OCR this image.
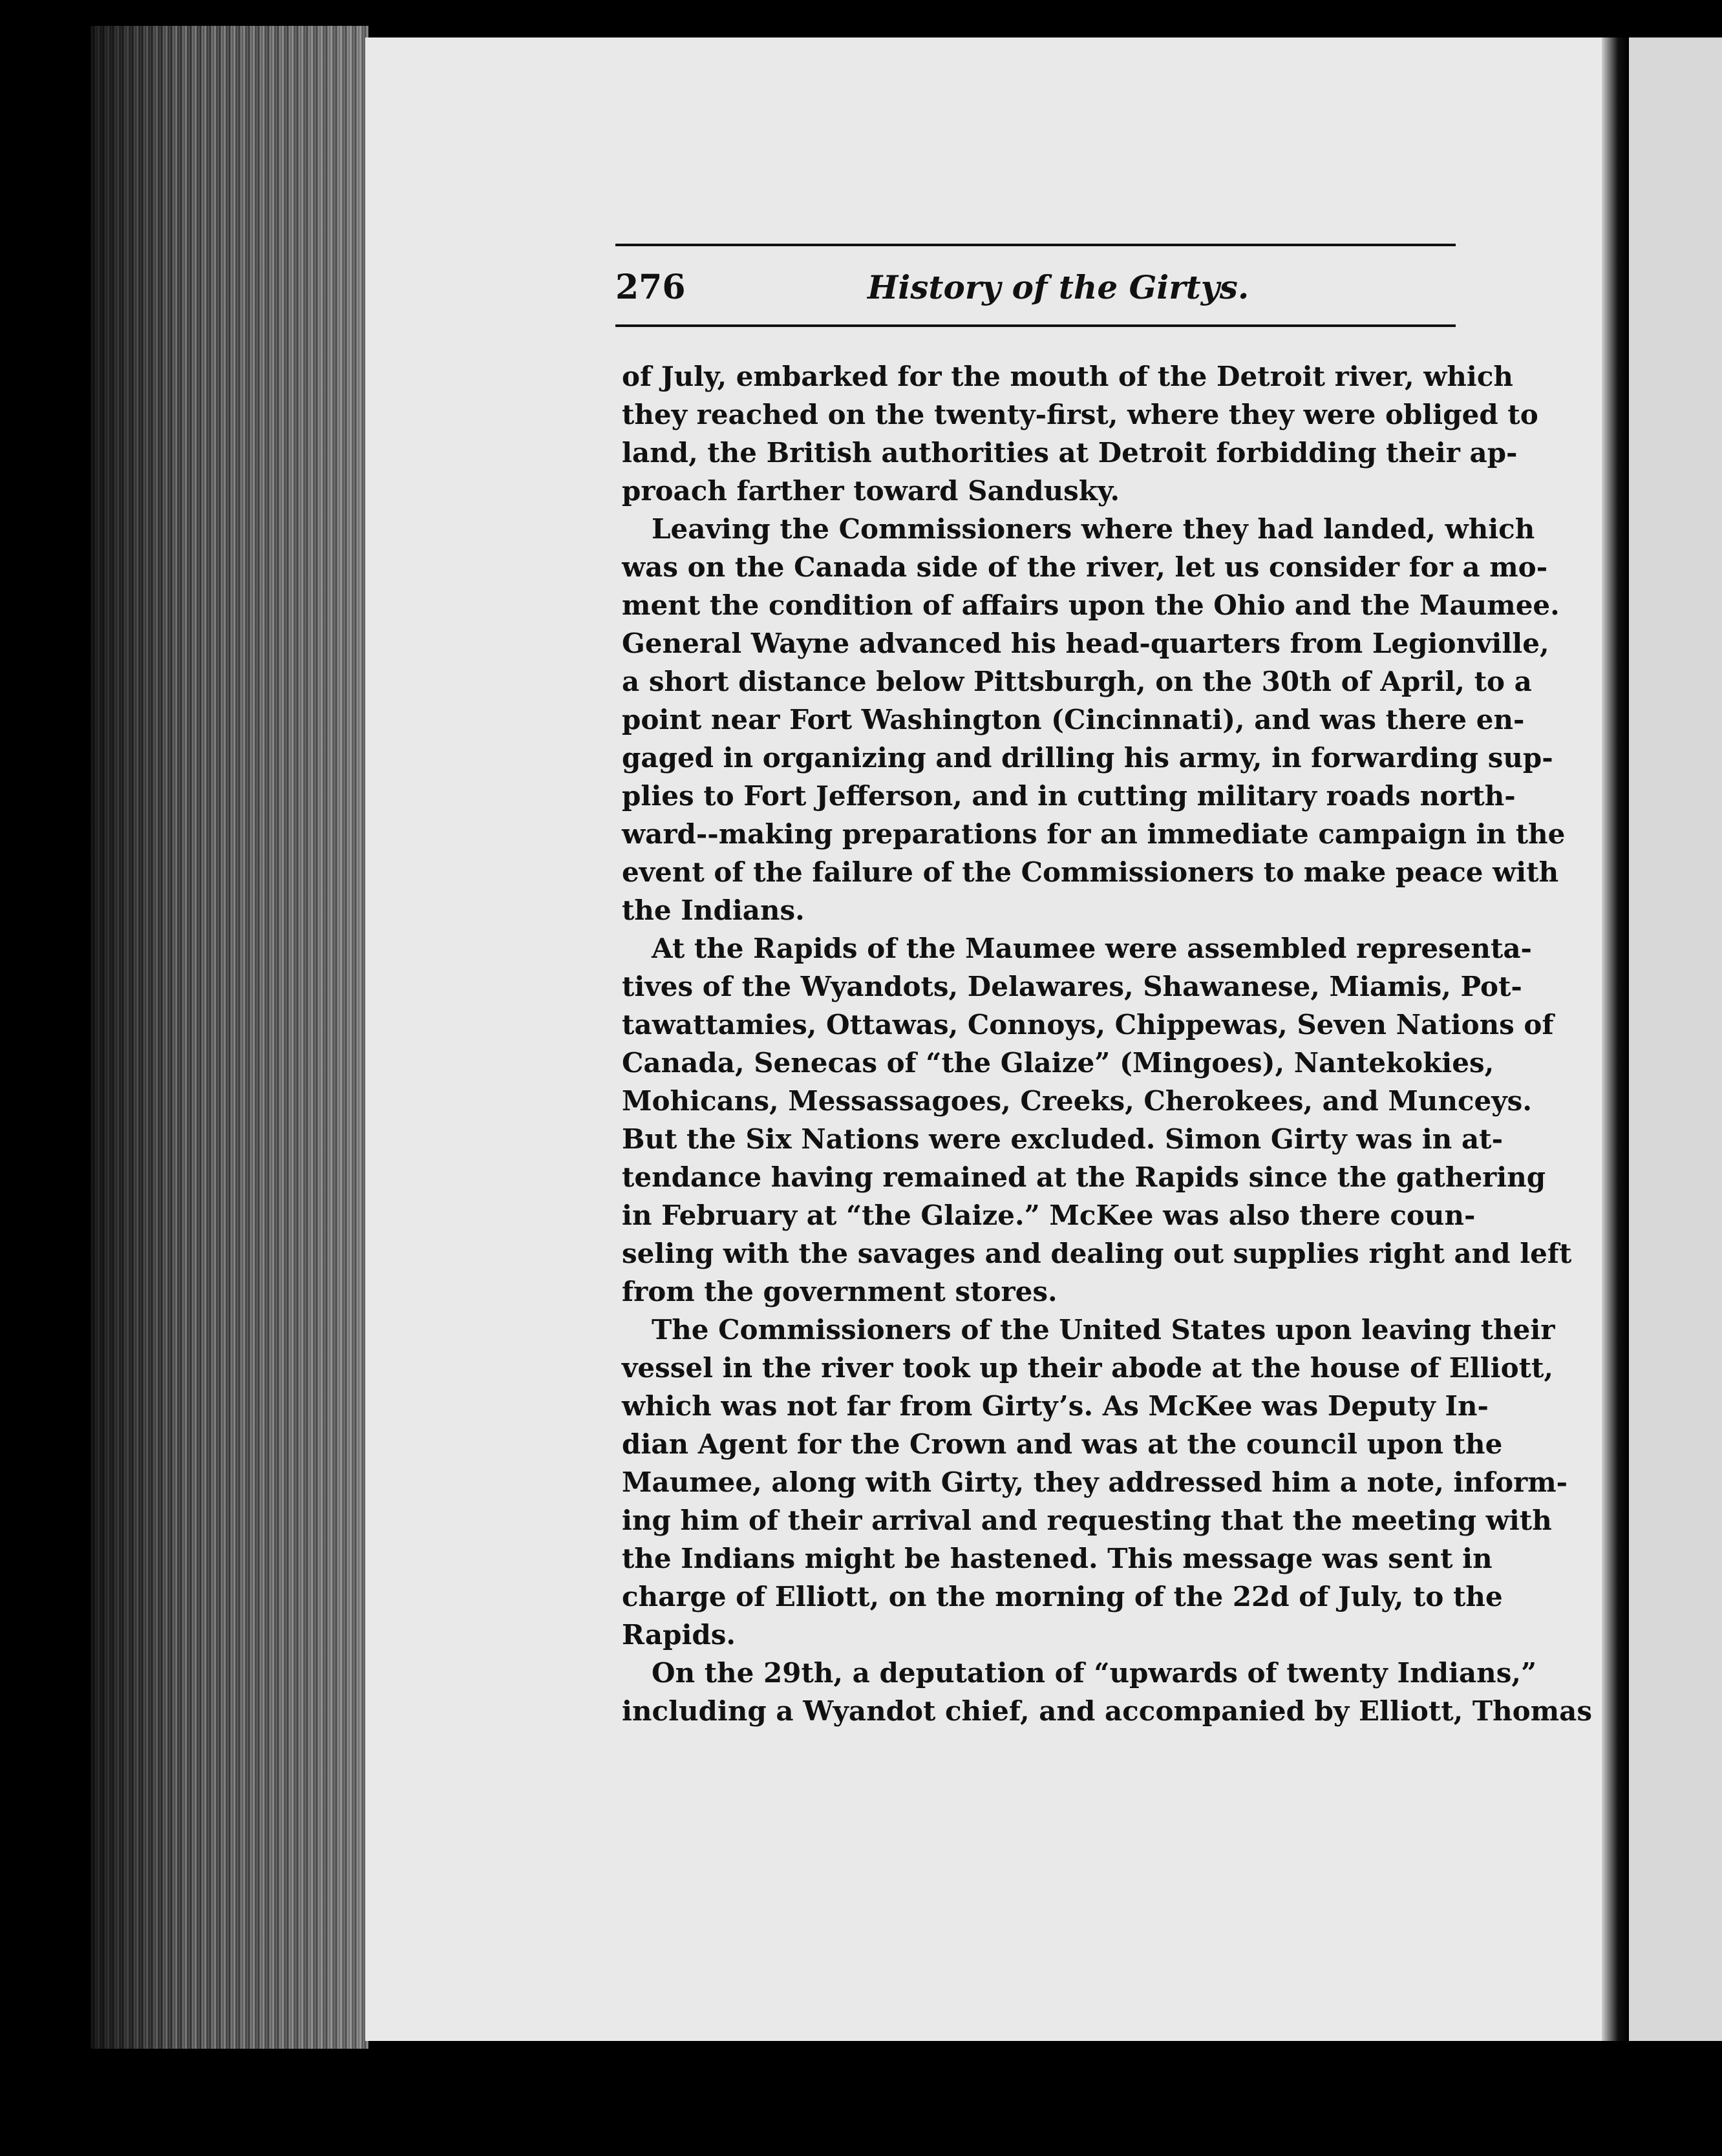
276	History of the Girtys.
of July, embarked for the mouth of the Detroit river, which
they reached on the twenty-first, where they were obliged to
land, the British authorities at Detroit forbidding their ap-
proach farther toward Sandusky.
Leaving the Commissioners where they had landed, which
was on the Canada side of the river, let us consider for a mo-
ment the condition of affairs upon the Ohio and the Maumee.
General Wayne advanced his head-quarters from Legionville,
a short distance below Pittsburgh, on the 30th of April, to a
point near Fort Washington (Cincinnati), and was there en-
gaged in organizing and drilling his army, in forwarding sup-
plies to Fort Jefferson, and in cutting military roads north-
ward--making preparations for an immediate campaign in the
event of the failure of the Commissioners to make peace with
the Indians.
At the Rapids of the Maumee were assembled representa-
tives of the Wyandots, Delawares, Shawanese, Miamis, Pot-
tawattamies, Ottawas, Connoys, Chippewas, Seven Nations of
Canada, Senecas of “the Glaize” (Mingoes), Nantekokies,
Mohicans, Messassagoes, Creeks, Cherokees, and Munceys.
But the Six Nations were excluded. Simon Girty was in at-
tendance having remained at the Rapids since the gathering
in February at “the Glaize.” McKee was also there coun-
seling with the savages and dealing out supplies right and left
from the government stores.
The Commissioners of the United States upon leaving their
vessel in the river took up their abode at the house of Elliott,
which was not far from Girty’s. As McKee was Deputy In-
dian Agent for the Crown and was at the council upon the
Maumee, along with Girty, they addressed him a note, inform-
ing him of their arrival and requesting that the meeting with
the Indians might be hastened. This message was sent in
charge of Elliott, on the morning of the 22d of July, to the
Rapids.
On the 29th, a deputation of “upwards of twenty Indians,”
including a Wyandot chief, and accompanied by Elliott, Thomas
